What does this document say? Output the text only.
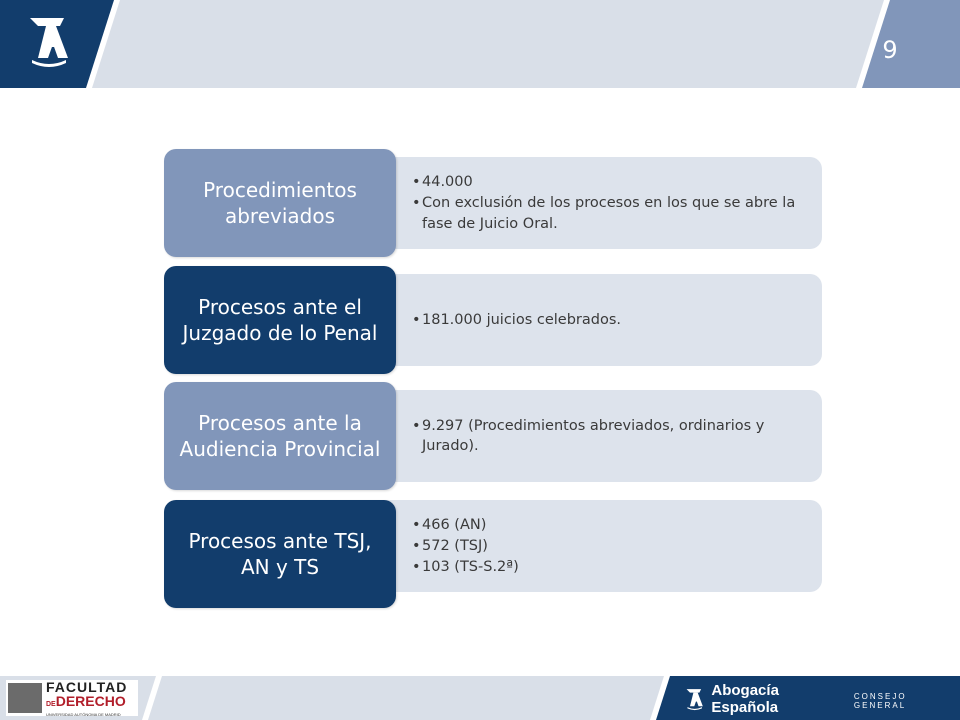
9
• 44.000
• Con exclusión de los procesos en los que se abre la fase de Juicio Oral.
Procedimientos abreviados
• 181.000 juicios celebrados.
Procesos ante el Juzgado de lo Penal
• 9.297 (Procedimientos abreviados, ordinarios y Jurado).
Procesos ante la Audiencia Provincial
• 466 (AN)
• 572 (TSJ)
• 103 (TS-S.2ª)
Procesos ante TSJ, AN y TS
FACULTAD
DEDERECHO
UNIVERSIDAD AUTÓNOMA DE MADRID
Abogacía Española
CONSEJO GENERAL
